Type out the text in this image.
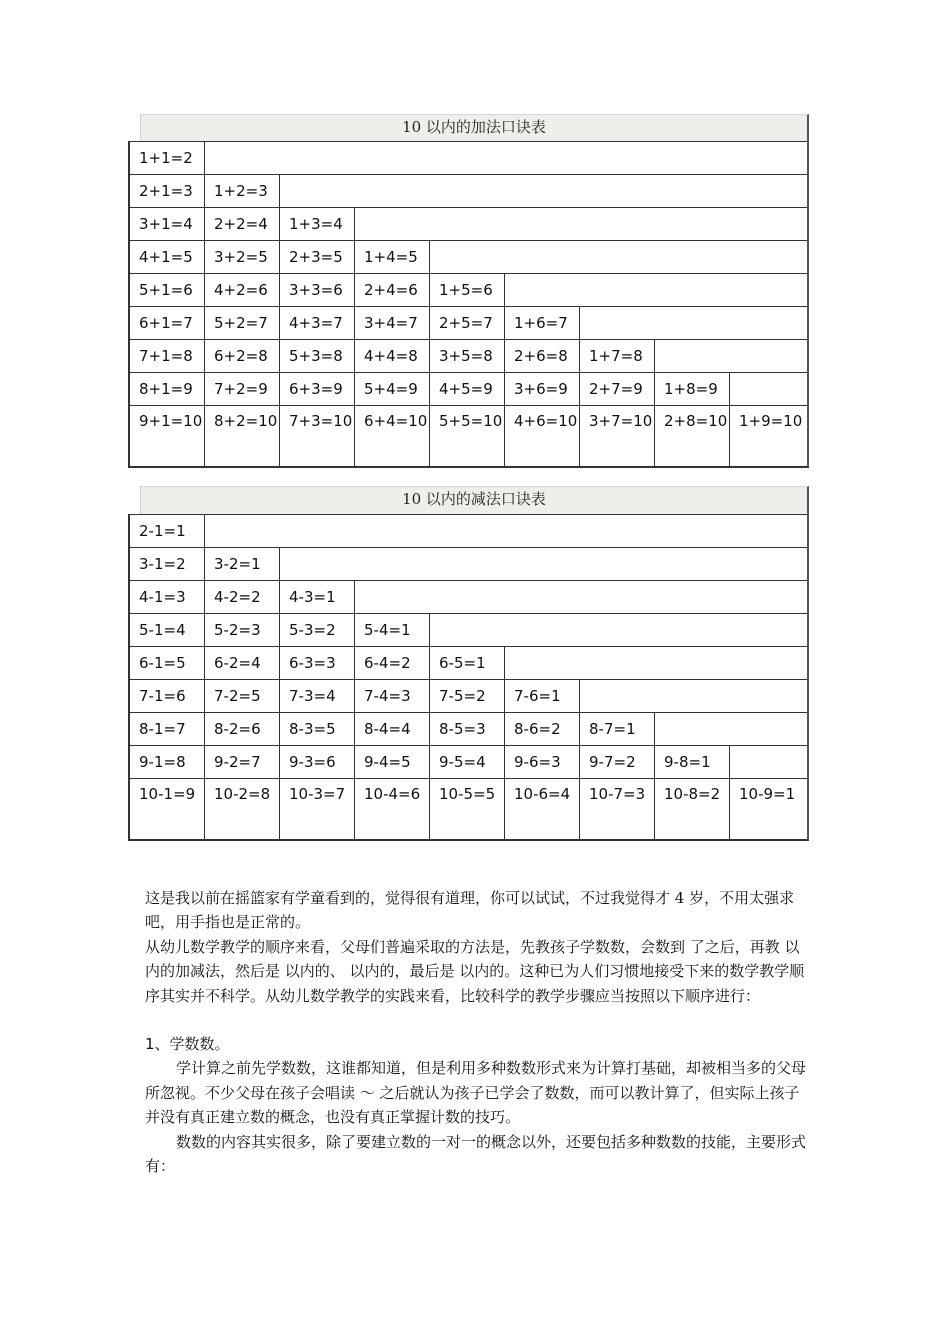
10 以内的加法口诀表
1+1=2
2+1=3	1+2=3
3+1=4	2+2=4	1+3=4
4+1=5	3+2=5	2+3=5	1+4=5
5+1=6	4+2=6	3+3=6	2+4=6	1+5=6
6+1=7	5+2=7	4+3=7	3+4=7	2+5=7	1+6=7
7+1=8	6+2=8	5+3=8	4+4=8	3+5=8	2+6=8	1+7=8
8+1=9	7+2=9	6+3=9	5+4=9	4+5=9	3+6=9	2+7=9	1+8=9
9+1=10 8+2=10 7+3=10 6+4=10 5+5=10 4+6=10 3+7=10 2+8=10 1+9=10
10 以内的减法口诀表
2-1=1
3-1=2	3-2=1
4-1=3	4-2=2	4-3=1
5-1=4	5-2=3	5-3=2	5-4=1
6-1=5	6-2=4	6-3=3	6-4=2	6-5=1
7-1=6	7-2=5	7-3=4	7-4=3	7-5=2	7-6=1
8-1=7	8-2=6	8-3=5	8-4=4	8-5=3	8-6=2	8-7=1
9-1=8	9-2=7	9-3=6	9-4=5	9-5=4	9-6=3	9-7=2	9-8=1
10-1=9	10-2=8	10-3=7	10-4=6	10-5=5	10-6=4	10-7=3	10-8=2	10-9=1

这是我以前在摇篮家有学童看到的，觉得很有道理，你可以试试，不过我觉得才 4 岁，不用太强求吧，用手指也是正常的。

从幼儿数学教学的顺序来看，父母们普遍采取的方法是，先教孩子学数数，会数到 了之后，再教 以内的加减法，然后是 以内的、 以内的，最后是 以内的。这种已为人们习惯地接受下来的数学教学顺序其实并不科学。从幼儿数学教学的实践来看，比较科学的教学步骤应当按照以下顺序进行：

1、学数数。

学计算之前先学数数，这谁都知道，但是利用多种数数形式来为计算打基础，却被相当多的父母所忽视。不少父母在孩子会唱读 ～ 之后就认为孩子已学会了数数，而可以教计算了，但实际上孩子并没有真正建立数的概念，也没有真正掌握计数的技巧。

数数的内容其实很多，除了要建立数的一对一的概念以外，还要包括多种数数的技能，主要形式有：
